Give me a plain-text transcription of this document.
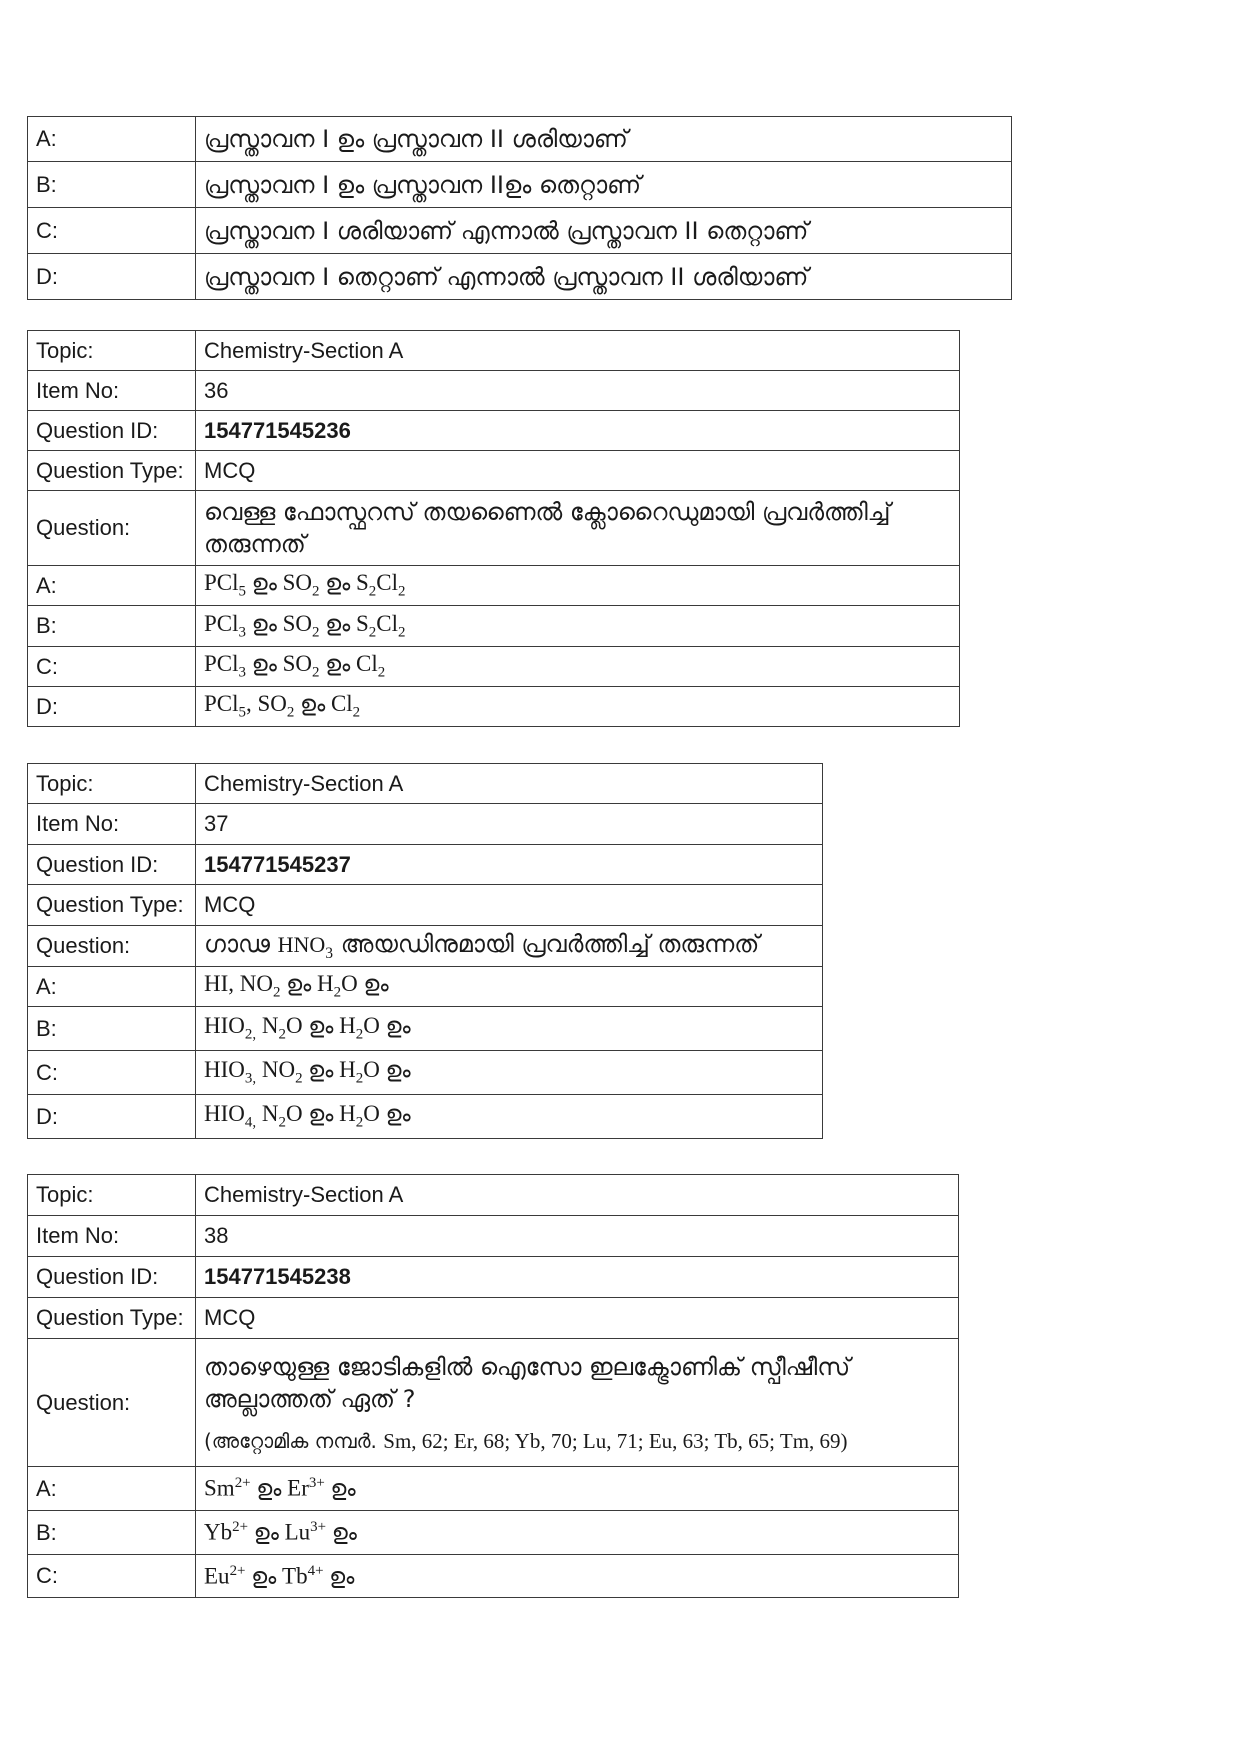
A:	പ്രസ്താവന I ഉം പ്രസ്താവന II ശരിയാണ്
B:	പ്രസ്താവന I ഉം പ്രസ്താവന IIഉം തെറ്റാണ്
C:	പ്രസ്താവന I ശരിയാണ് എന്നാൽ പ്രസ്താവന II തെറ്റാണ്
D:	പ്രസ്താവന I തെറ്റാണ് എന്നാൽ പ്രസ്താവന II ശരിയാണ്
Topic:	Chemistry-Section A
Item No:	36
Question ID:	154771545236
Question Type:	MCQ
Question:	വെള്ള ഫോസ്ഫറസ് തയണൈൽ ക്ലോറൈഡുമായി പ്രവർത്തിച്ച്
തരുന്നത്

A:	PCl$_5$ ഉം $SO_2$ ഉം $S_2Cl_2$
B:	PCl$_3$ ഉം $SO_2$ ഉം $S_2Cl_2$
C:	PCl$_3$ ഉം $SO_2$ ഉം $Cl_2$
D:	PCl$_5$, $SO_2$ ഉം $Cl_2$
Topic:	Chemistry-Section A
Item No:	37
Question ID:	154771545237
Question Type:	MCQ
Question:	ഗാഢ $HNO_3$ അയഡിനുമായി പ്രവർത്തിച്ച് തരുന്നത്
A:	HI, $NO_2$ ഉം $H_2O$ ഉം
B:	$HIO_{2,}$ $N_2O$ ഉം $H_2O$ ഉം
C:	$HIO_{3,}$ $NO_2$ ഉം $H_2O$ ഉം
D:	$HIO_{4,}$ $N_2O$ ഉം $H_2O$ ഉം
Topic:	Chemistry-Section A
Item No:	38
Question ID:	154771545238
Question Type:	MCQ
Question:	താഴെയുള്ള ജോടികളിൽ ഐസോ ഇലക്ട്രോണിക് സ്പീഷീസ്
അല്ലാത്തത് ഏത് ?
(അറ്റോമിക നമ്പർ. Sm, 62; Er, 68; Yb, 70; Lu, 71; Eu, 63; Tb, 65; Tm, 69)

A:	$Sm^{2+}$ ഉം $Er^{3+}$ ഉം
B:	$Yb^{2+}$ ഉം $Lu^{3+}$ ഉം
C:	$Eu^{2+}$ ഉം $Tb^{4+}$ ഉം
